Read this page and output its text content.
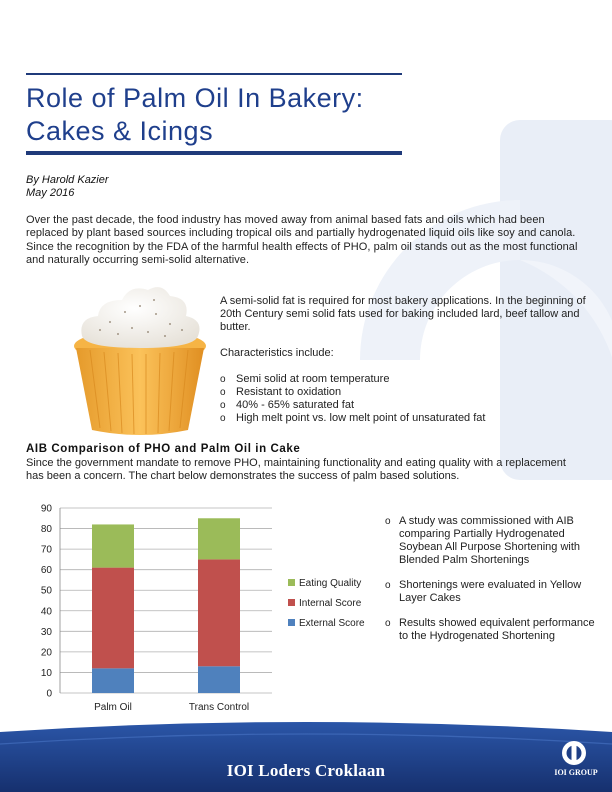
Role of Palm Oil In Bakery:
Cakes & Icings
By Harold Kazier
May 2016
Over the past decade, the food industry has moved away from animal based fats and oils which had been replaced by plant based sources including tropical oils and partially hydrogenated liquid oils like soy and canola. Since the recognition by the FDA of the harmful health effects of PHO, palm oil stands out as the most functional and naturally occurring semi-solid alternative.

A semi-solid fat is required for most bakery applications. In the beginning of 20th Century semi solid fats used for baking included lard, beef tallow and butter.

Characteristics include:

o Semi solid at room temperature
o Resistant to oxidation
o 40% - 65% saturated fat
o High melt point vs. low melt point of unsaturated fat
AIB Comparison of PHO and Palm Oil in Cake
Since the government mandate to remove PHO, maintaining functionality and eating quality with a replacement has been a concern. The chart below demonstrates the success of palm based solutions.
0
10
20
30
40
50
60
70
80
90
Palm Oil	Trans Control
Eating Quality
Internal Score
External Score
o A study was commissioned with AIB comparing Partially Hydrogenated Soybean All Purpose Shortening with Blended Palm Shortenings
o Shortenings were evaluated in Yellow Layer Cakes
o Results showed equivalent performance to the Hydrogenated Shortening
IOI Loders Croklaan	IOI GROUP
